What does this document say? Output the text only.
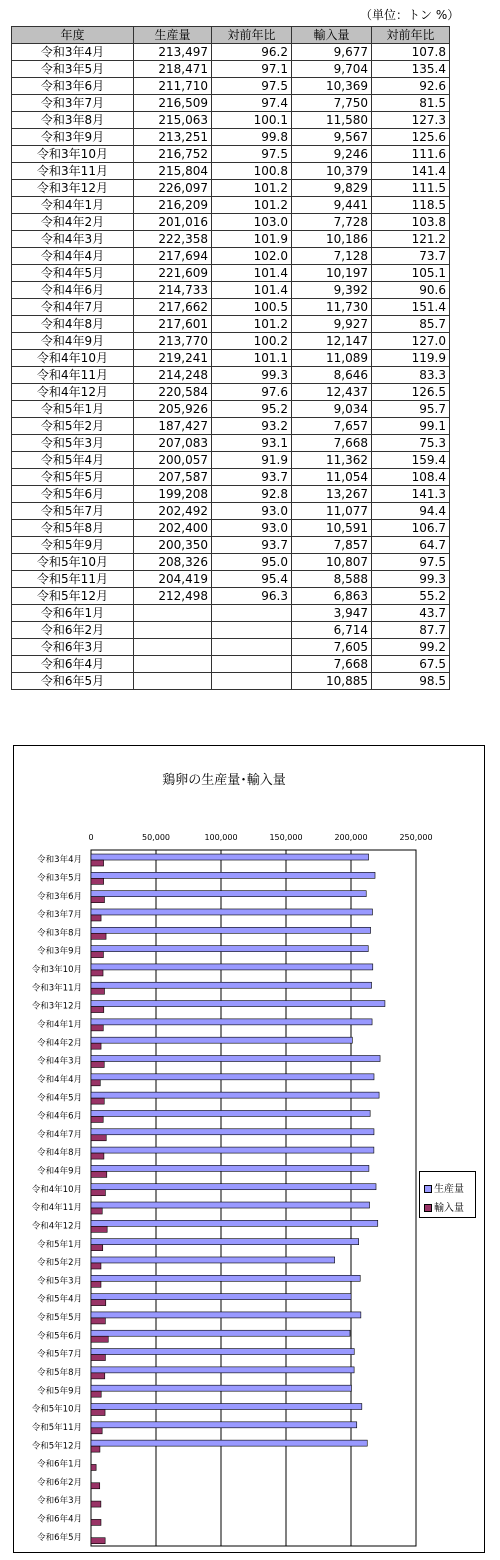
（単位：トン %）
年度	生産量	対前年比	輸入量	対前年比
令和3年4月	213,497	96.2	9,677	107.8
令和3年5月	218,471	97.1	9,704	135.4
令和3年6月	211,710	97.5	10,369	92.6
令和3年7月	216,509	97.4	7,750	81.5
令和3年8月	215,063	100.1	11,580	127.3
令和3年9月	213,251	99.8	9,567	125.6
令和3年10月	216,752	97.5	9,246	111.6
令和3年11月	215,804	100.8	10,379	141.4
令和3年12月	226,097	101.2	9,829	111.5
令和4年1月	216,209	101.2	9,441	118.5
令和4年2月	201,016	103.0	7,728	103.8
令和4年3月	222,358	101.9	10,186	121.2
令和4年4月	217,694	102.0	7,128	73.7
令和4年5月	221,609	101.4	10,197	105.1
令和4年6月	214,733	101.4	9,392	90.6
令和4年7月	217,662	100.5	11,730	151.4
令和4年8月	217,601	101.2	9,927	85.7
令和4年9月	213,770	100.2	12,147	127.0
令和4年10月	219,241	101.1	11,089	119.9
令和4年11月	214,248	99.3	8,646	83.3
令和4年12月	220,584	97.6	12,437	126.5
令和5年1月	205,926	95.2	9,034	95.7
令和5年2月	187,427	93.2	7,657	99.1
令和5年3月	207,083	93.1	7,668	75.3
令和5年4月	200,057	91.9	11,362	159.4
令和5年5月	207,587	93.7	11,054	108.4
令和5年6月	199,208	92.8	13,267	141.3
令和5年7月	202,492	93.0	11,077	94.4
令和5年8月	202,400	93.0	10,591	106.7
令和5年9月	200,350	93.7	7,857	64.7
令和5年10月	208,326	95.0	10,807	97.5
令和5年11月	204,419	95.4	8,588	99.3
令和5年12月	212,498	96.3	6,863	55.2
令和6年1月			3,947	43.7
令和6年2月			6,714	87.7
令和6年3月			7,605	99.2
令和6年4月			7,668	67.5
令和6年5月			10,885	98.5
鶏卵の生産量･輸入量
0	50,000	100,000	150,000	200,000	250,000
令和3年4月
令和3年5月
令和3年6月
令和3年7月
令和3年8月
令和3年9月
令和3年10月
令和3年11月
令和3年12月
令和4年1月
令和4年2月
令和4年3月
令和4年4月
令和4年5月
令和4年6月
令和4年7月
令和4年8月
令和4年9月
令和4年10月
令和4年11月
令和4年12月
令和5年1月
令和5年2月
令和5年3月
令和5年4月
令和5年5月
令和5年6月
令和5年7月
令和5年8月
令和5年9月
令和5年10月
令和5年11月
令和5年12月
令和6年1月
令和6年2月
令和6年3月
令和6年4月
令和6年5月
生産量
輸入量
